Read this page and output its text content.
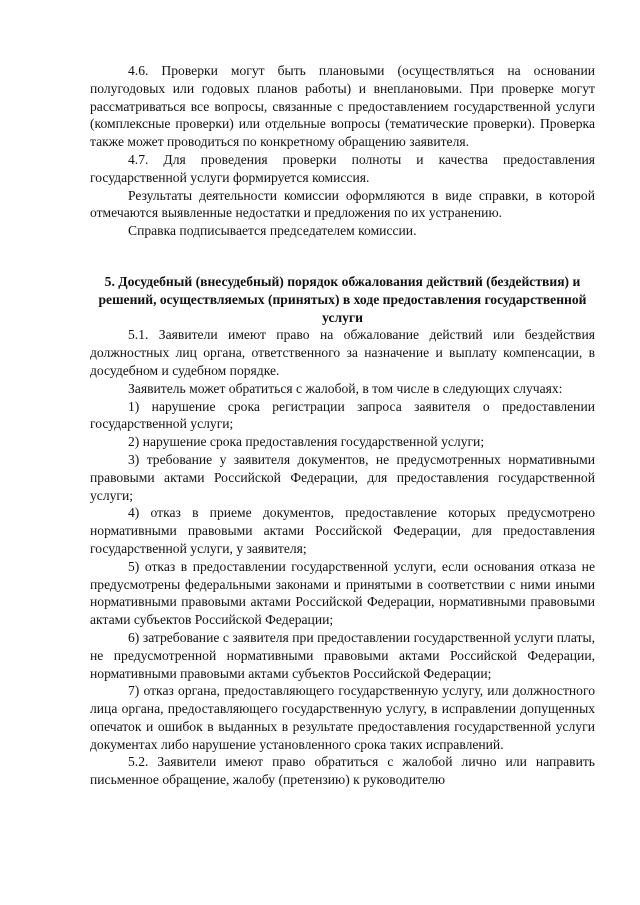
4.6. Проверки могут быть плановыми (осуществляться на основании полугодовых или годовых планов работы) и внеплановыми. При проверке могут рассматриваться все вопросы, связанные с предоставлением государственной услуги (комплексные проверки) или отдельные вопросы (тематические проверки). Проверка также может проводиться по конкретному обращению заявителя.

4.7. Для проведения проверки полноты и качества предоставления государственной услуги формируется комиссия.

Результаты деятельности комиссии оформляются в виде справки, в которой отмечаются выявленные недостатки и предложения по их устранению.

Справка подписывается председателем комиссии.

5. Досудебный (внесудебный) порядок обжалования действий (бездействия) и решений, осуществляемых (принятых) в ходе предоставления государственной услуги

5.1. Заявители имеют право на обжалование действий или бездействия должностных лиц органа, ответственного за назначение и выплату компенсации, в досудебном и судебном порядке.

Заявитель может обратиться с жалобой, в том числе в следующих случаях:

1) нарушение срока регистрации запроса заявителя о предоставлении государственной услуги;

2) нарушение срока предоставления государственной услуги;

3) требование у заявителя документов, не предусмотренных нормативными правовыми актами Российской Федерации, для предоставления государственной услуги;

4) отказ в приеме документов, предоставление которых предусмотрено нормативными правовыми актами Российской Федерации, для предоставления государственной услуги, у заявителя;

5) отказ в предоставлении государственной услуги, если основания отказа не предусмотрены федеральными законами и принятыми в соответствии с ними иными нормативными правовыми актами Российской Федерации, нормативными правовыми актами субъектов Российской Федерации;

6) затребование с заявителя при предоставлении государственной услуги платы, не предусмотренной нормативными правовыми актами Российской Федерации, нормативными правовыми актами субъектов Российской Федерации;

7) отказ органа, предоставляющего государственную услугу, или должностного лица органа, предоставляющего государственную услугу, в исправлении допущенных опечаток и ошибок в выданных в результате предоставления государственной услуги документах либо нарушение установленного срока таких исправлений.

5.2. Заявители имеют право обратиться с жалобой лично или направить письменное обращение, жалобу (претензию) к руководителю
